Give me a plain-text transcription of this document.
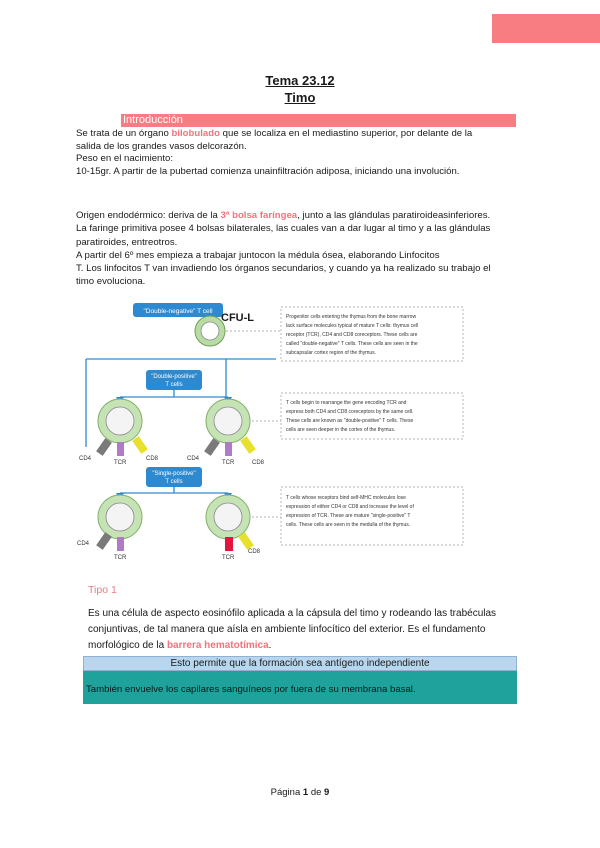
Tema 23.12
Timo
Introducción
Se trata de un órgano bilobulado que se localiza en el mediastino superior, por delante de la
salida de los grandes vasos delcorazón.
Peso en el nacimiento:
10-15gr. A partir de la pubertad comienza unainfiltración adiposa, iniciando una involución.
Origen endodérmico: deriva de la 3ª bolsa faríngea, junto a las glándulas paratiroideasinferiores.
La faringe primitiva posee 4 bolsas bilaterales, las cuales van a dar lugar al timo y a las glándulas
paratiroides, entreotros.
A partir del 6º mes empieza a trabajar juntocon la médula ósea, elaborando Linfocitos
T. Los linfocitos T van invadiendo los órganos secundarios, y cuando ya ha realizado su trabajo el
timo evoluciona.
"Double-negative" T cell
CFU-L
"Double-positive"
T cells
CD4
TCR
CD8	CD4
TCR	CD8
"Single-positive"
T cells
CD4
TCR	TCR
CD8
Progenitor cells entering the thymus from the bone marrow
lack surface molecules typical of mature T cells: thymus cell
receptor (TCR), CD4 and CD8 coreceptors. These cells are
called "double-negative" T cells. These cells are seen in the
subcapsular cortex region of the thymus.
T cells begin to rearrange the gene encoding TCR and
express both CD4 and CD8 coreceptors by the same cell.
These cells are known as "double-positive" T cells. These
cells are seen deeper in the cortex of the thymus.
T cells whose receptors bind self-MHC molecules lose
expression of either CD4 or CD8 and increase the level of
expression of TCR. These are mature "single-positive" T
cells. These cells are seen in the medulla of the thymus.
Tipo 1
Es una célula de aspecto eosinófilo aplicada a la cápsula del timo y rodeando las trabéculas
conjuntivas, de tal manera que aísla en ambiente linfocítico del exterior. Es el fundamento
morfológico de la barrera hematotímica.
Esto permite que la formación sea antígeno independiente
También envuelve los capilares sanguíneos por fuera de su membrana basal.
Página 1 de 9
